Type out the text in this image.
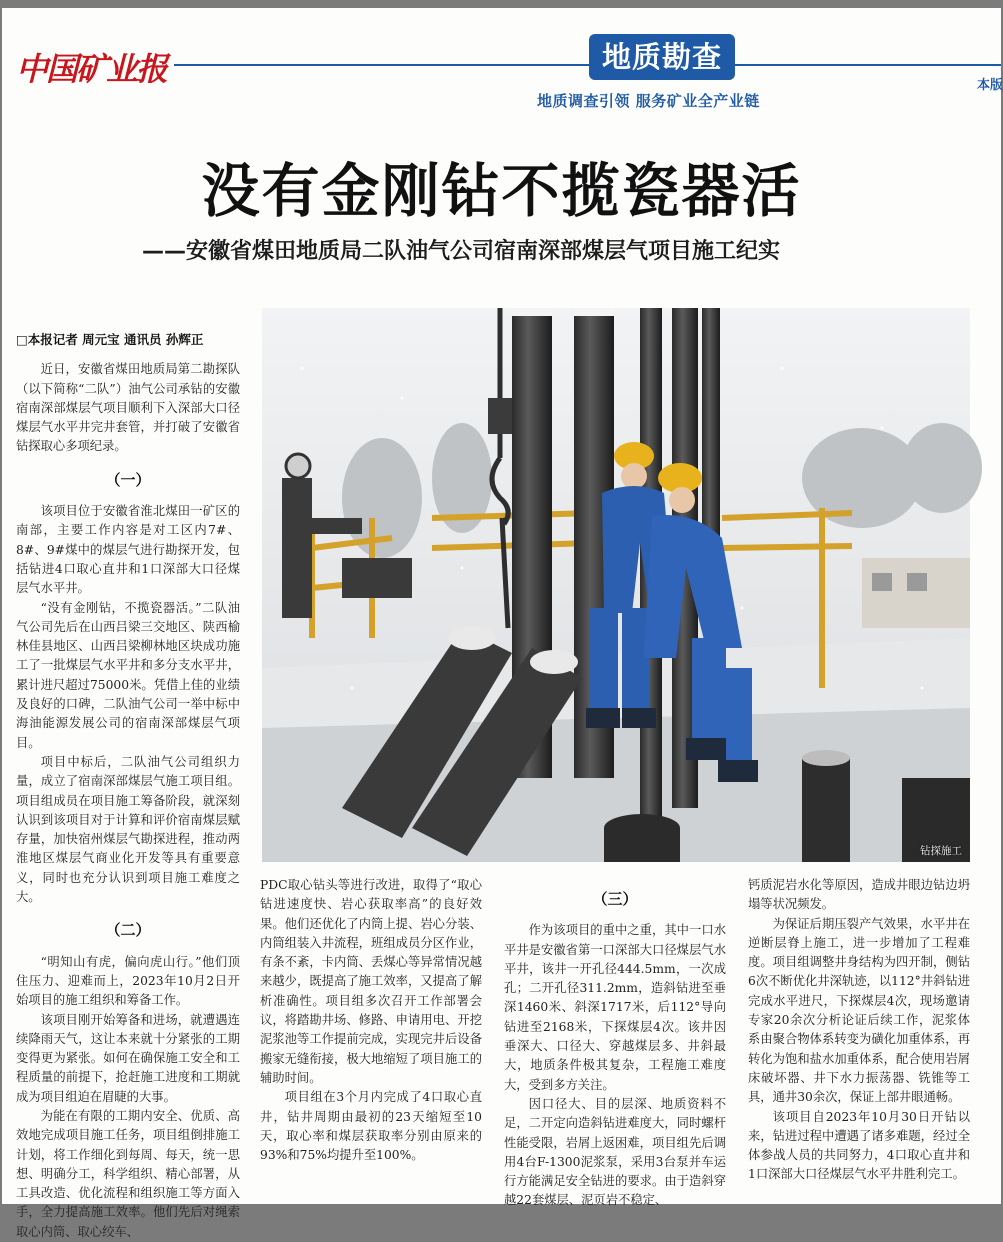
中国矿业报	地质勘查
地质调查引领 服务矿业全产业链
本版
没有金刚钻不揽瓷器活
——安徽省煤田地质局二队油气公司宿南深部煤层气项目施工纪实
□本报记者 周元宝 通讯员 孙辉正

近日，安徽省煤田地质局第二勘探队（以下简称“二队”）油气公司承钻的安徽宿南深部煤层气项目顺利下入深部大口径煤层气水平井完井套管，并打破了安徽省钻探取心多项纪录。

（一）

该项目位于安徽省淮北煤田一矿区的南部，主要工作内容是对工区内7#、8#、9#煤中的煤层气进行勘探开发，包括钻进4口取心直井和1口深部大口径煤层气水平井。

“没有金刚钻，不揽瓷器活。”二队油气公司先后在山西吕梁三交地区、陕西榆林佳县地区、山西吕梁柳林地区块成功施工了一批煤层气水平井和多分支水平井，累计进尺超过75000米。凭借上佳的业绩及良好的口碑，二队油气公司一举中标中海油能源发展公司的宿南深部煤层气项目。

项目中标后，二队油气公司组织力量，成立了宿南深部煤层气施工项目组。项目组成员在项目施工筹备阶段，就深刻认识到该项目对于计算和评价宿南煤层赋存量，加快宿州煤层气勘探进程，推动两淮地区煤层气商业化开发等具有重要意义，同时也充分认识到项目施工难度之大。

（二）

“明知山有虎，偏向虎山行。”他们顶住压力、迎难而上，2023年10月2日开始项目的施工组织和筹备工作。

该项目刚开始筹备和进场，就遭遇连续降雨天气，这让本来就十分紧张的工期变得更为紧张。如何在确保施工安全和工程质量的前提下，抢赶施工进度和工期就成为项目组迫在眉睫的大事。

为能在有限的工期内安全、优质、高效地完成项目施工任务，项目组倒排施工计划，将工作细化到每周、每天，统一思想、明确分工，科学组织、精心部署，从工具改造、优化流程和组织施工等方面入手，全力提高施工效率。他们先后对绳索取心内筒、取心绞车、

钻探施工

PDC取心钻头等进行改进，取得了“取心钻进速度快、岩心获取率高”的良好效果。他们还优化了内筒上提、岩心分装、内筒组装入井流程，班组成员分区作业，有条不紊，卡内筒、丢煤心等异常情况越来越少，既提高了施工效率，又提高了解析准确性。项目组多次召开工作部署会议，将踏勘井场、修路、申请用电、开挖泥浆池等工作提前完成，实现完井后设备搬家无缝衔接，极大地缩短了项目施工的辅助时间。

项目组在3个月内完成了4口取心直井，钻井周期由最初的23天缩短至10天，取心率和煤层获取率分别由原来的93%和75%均提升至100%。

（三）

作为该项目的重中之重，其中一口水平井是安徽省第一口深部大口径煤层气水平井，该井一开孔径444.5mm，一次成孔；二开孔径311.2mm，造斜钻进至垂深1460米、斜深1717米，后112°导向钻进至2168米，下探煤层4次。该井因垂深大、口径大、穿越煤层多、井斜最大，地质条件极其复杂，工程施工难度大，受到多方关注。

因口径大、目的层深、地质资料不足，二开定向造斜钻进难度大，同时螺杆性能受限，岩屑上返困难，项目组先后调用4台F-1300泥浆泵，采用3台泵并车运行方能满足安全钻进的要求。由于造斜穿越22套煤层、泥页岩不稳定、

钙质泥岩水化等原因，造成井眼边钻边坍塌等状况频发。

为保证后期压裂产气效果，水平井在逆断层脊上施工，进一步增加了工程难度。项目组调整井身结构为四开制，侧钻6次不断优化井深轨迹，以112°井斜钻进完成水平进尺，下探煤层4次，现场邀请专家20余次分析论证后续工作，泥浆体系由聚合物体系转变为磺化加重体系，再转化为饱和盐水加重体系，配合使用岩屑床破坏器、井下水力振荡器、铣锥等工具，通井30余次，保证上部井眼通畅。

该项目自2023年10月30日开钻以来，钻进过程中遭遇了诸多难题，经过全体参战人员的共同努力，4口取心直井和1口深部大口径煤层气水平井胜利完工。
